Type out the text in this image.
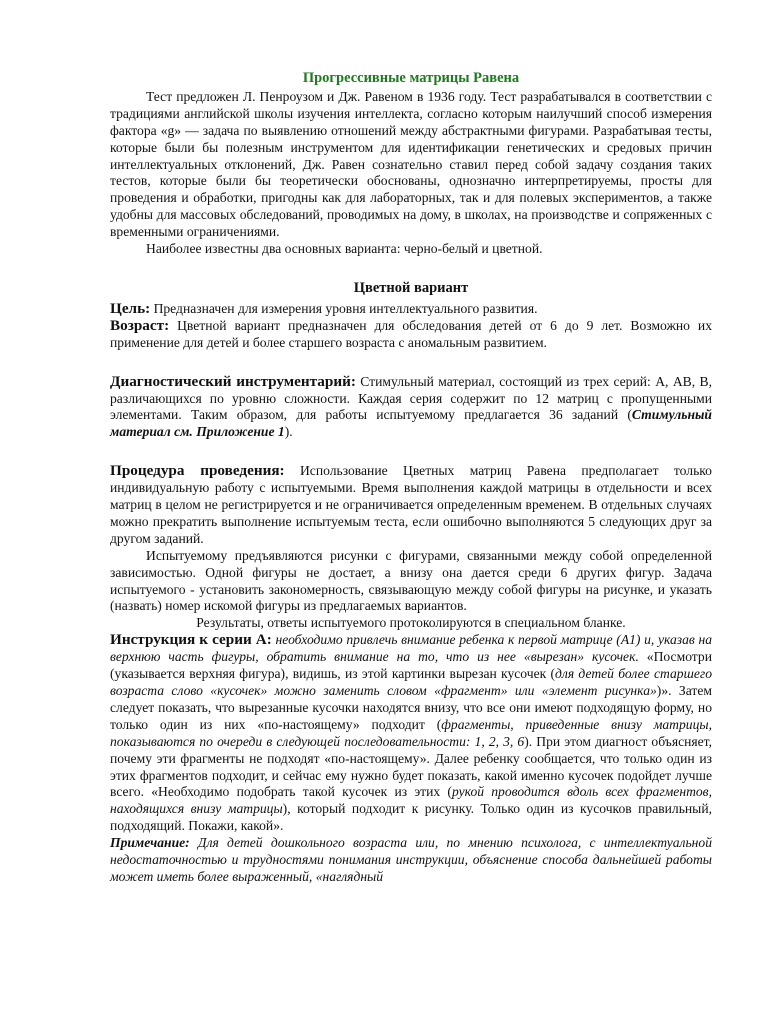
Прогрессивные матрицы Равена

Тест предложен Л. Пенроузом и Дж. Равеном в 1936 году. Тест разрабатывался в соответствии с традициями английской школы изучения интеллекта, согласно которым наилучший способ измерения фактора «g» — задача по выявлению отношений между абстрактными фигурами. Разрабатывая тесты, которые были бы полезным инструментом для идентификации генетических и средовых причин интеллектуальных отклонений, Дж. Равен сознательно ставил перед собой задачу создания таких тестов, которые были бы теоретически обоснованы, однозначно интерпретируемы, просты для проведения и обработки, пригодны как для лабораторных, так и для полевых экспериментов, а также удобны для массовых обследований, проводимых на дому, в школах, на производстве и сопряженных с временными ограничениями.

Наиболее известны два основных варианта: черно-белый и цветной.

Цветной вариант

Цель: Предназначен для измерения уровня интеллектуального развития.

Возраст: Цветной вариант предназначен для обследования детей от 6 до 9 лет. Возможно их применение для детей и более старшего возраста с аномальным развитием.

Диагностический инструментарий: Стимульный материал, состоящий из трех серий: А, АВ, В, различающихся по уровню сложности. Каждая серия содержит по 12 матриц с пропущенными элементами. Таким образом, для работы испытуемому предлагается 36 заданий (Стимульный материал см. Приложение 1).

Процедура проведения: Использование Цветных матриц Равена предполагает только индивидуальную работу с испытуемыми. Время выполнения каждой матрицы в отдельности и всех матриц в целом не регистрируется и не ограничивается определенным временем. В отдельных случаях можно прекратить выполнение испытуемым теста, если ошибочно выполняются 5 следующих друг за другом заданий.

Испытуемому предъявляются рисунки с фигурами, связанными между собой определенной зависимостью. Одной фигуры не достает, а внизу она дается среди 6 других фигур. Задача испытуемого - установить закономерность, связывающую между собой фигуры на рисунке, и указать (назвать) номер искомой фигуры из предлагаемых вариантов.

Результаты, ответы испытуемого протоколируются в специальном бланке.

Инструкция к серии А: необходимо привлечь внимание ребенка к первой матрице (А1) и, указав на верхнюю часть фигуры, обратить внимание на то, что из нее «вырезан» кусочек. «Посмотри (указывается верхняя фигура), видишь, из этой картинки вырезан кусочек (для детей более старшего возраста слово «кусочек» можно заменить словом «фрагмент» или «элемент рисунка»)». Затем следует показать, что вырезанные кусочки находятся внизу, что все они имеют подходящую форму, но только один из них «по-настоящему» подходит (фрагменты, приведенные внизу матрицы, показываются по очереди в следующей последовательности: 1, 2, 3, 6). При этом диагност объясняет, почему эти фрагменты не подходят «по-настоящему». Далее ребенку сообщается, что только один из этих фрагментов подходит, и сейчас ему нужно будет показать, какой именно кусочек подойдет лучше всего. «Необходимо подобрать такой кусочек из этих (рукой проводится вдоль всех фрагментов, находящихся внизу матрицы), который подходит к рисунку. Только один из кусочков правильный, подходящий. Покажи, какой».

Примечание: Для детей дошкольного возраста или, по мнению психолога, с интеллектуальной недостаточностью и трудностями понимания инструкции, объяснение способа дальнейшей работы может иметь более выраженный, «наглядный
